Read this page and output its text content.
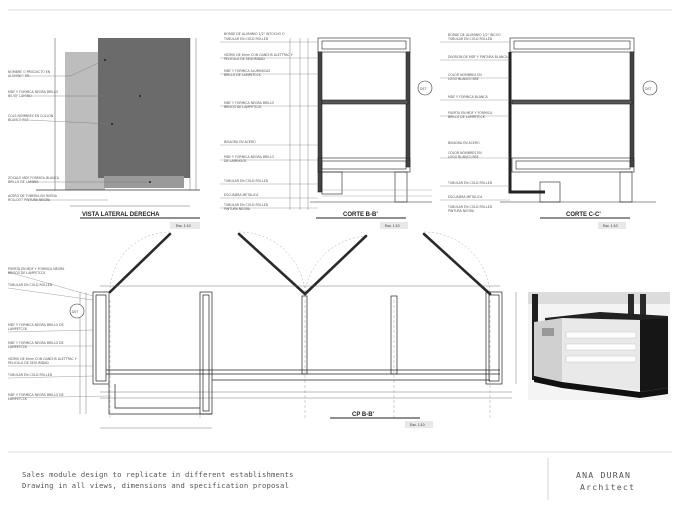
NOMBRE O PRODUCTO EN
ALUMINIO BR.
MDF Y FORMICA NEGRA BRILLO
BS.VIF LAMINO
COLS NOMBRES EN COLLON
BLANCO BSE
ZOCALO MDF FORMICA BLANCA
BRILLO DE LAMINO
ACERO DE TUBERIA EN RUEDA
ROLLOOT PINTURA NEGRA
VISTA LATERAL DERECHA
Esc. 1:10
BORDE DE ALUMINIO 1/2" INTOCHO O
TUBULAR EN COLD ROLLED
VIDRIO DE 6mm CON GANCHS ALETTPAC Y
PELICULA DE SEGURIDAD
MDF Y FORMICA ALUMINICAS
BRILLO DE LAMPETCCK
MDF Y FORMICA NEGRA BRILLO
BRISOS DE LAMPETCCK
BISAGRA EN ACERO
MDF Y FORMICA NEGRA BRILLO
DE LAMINOCK
TUBULAR EN COLD ROLLED
ESCUADRA METALICA
TUBULAR EN COLD ROLLED
PINTURA NEGRA
DET
CORTE B-B'
Esc. 1:10
BORDE DE ALUMINIO 1/2" INCOO
TUBULAR EN COLD ROLLED
DIVISION DE MDF Y PINTURA BLANCA
COLOR NOMBRES EN
LOGO BLANCO BSE
MDF Y FORMICA BLANCA
PUERTA EN MDF Y FORMICA
BRILLO DE LAMPETCCK
BISAGRA EN ACERO
COLOR NOMBRES EN
LOGO BLANCO BSE
TUBULAR EN COLD ROLLED
ESCUADRA METALICA
TUBULAR EN COLD ROLLED
PINTURA NEGRA
DET
CORTE C-C'
Esc. 1:10
PUERTA EN MDF Y FORMICA NEGRA
BRISOS DE LAMPETCCK
TUBULAR EN COLD ROLLED
MDF Y FORMICA NEGRA BRILLO DE
LAMPETCCK
MDF Y FORMICA NEGRA BRILLO DE
LAMPETCCK
VIDRIO DE 6mm CON GANCHS ALETTPAC Y
PELICULA DE SEGURIDAD
TUBULAR EN COLD ROLLED
MDF Y FORMICA NEGRA BRILLO DE
LAMPETCCK
DET
CP B-B'
Esc. 1:10
Sales module design to replicate in different establishments
Drawing in all views, dimensions and specification proposal
ANA DURAN
Architect
